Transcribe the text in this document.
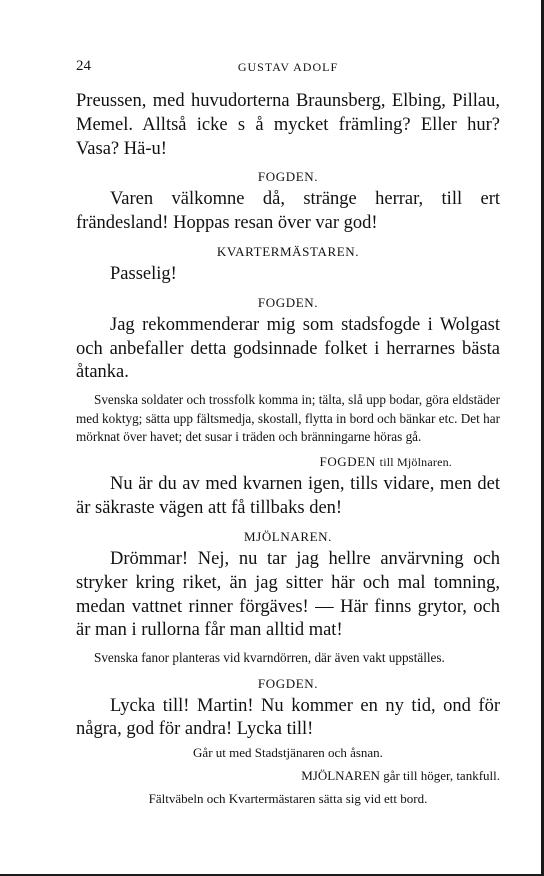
24	GUSTAV ADOLF

Preussen, med huvudorterna Braunsberg, Elbing, Pillau, Memel. Alltså icke s å mycket främling? Eller hur? Vasa? Hä-u!

FOGDEN.

Varen välkomne då, stränge herrar, till ert frändesland! Hoppas resan över var god!

KVARTERMÄSTAREN.

Passelig!

FOGDEN.

Jag rekommenderar mig som stadsfogde i Wolgast och anbefaller detta godsinnade folket i herrarnes bästa åtanka.

Svenska soldater och trossfolk komma in; tälta, slå upp bodar, göra eldstäder med koktyg; sätta upp fältsmedja, skostall, flytta in bord och bänkar etc. Det har mörknat över havet; det susar i träden och bränningarne höras gå.

FOGDEN till Mjölnaren.

Nu är du av med kvarnen igen, tills vidare, men det är säkraste vägen att få tillbaks den!

MJÖLNAREN.

Drömmar! Nej, nu tar jag hellre anvärvning och stryker kring riket, än jag sitter här och mal tomning, medan vattnet rinner förgäves! — Här finns grytor, och är man i rullorna får man alltid mat!

Svenska fanor planteras vid kvarndörren, där även vakt uppställes.

FOGDEN.

Lycka till! Martin! Nu kommer en ny tid, ond för några, god för andra! Lycka till!

Går ut med Stadstjänaren och åsnan.
MJÖLNAREN går till höger, tankfull.
Fältväbeln och Kvartermästaren sätta sig vid ett bord.
